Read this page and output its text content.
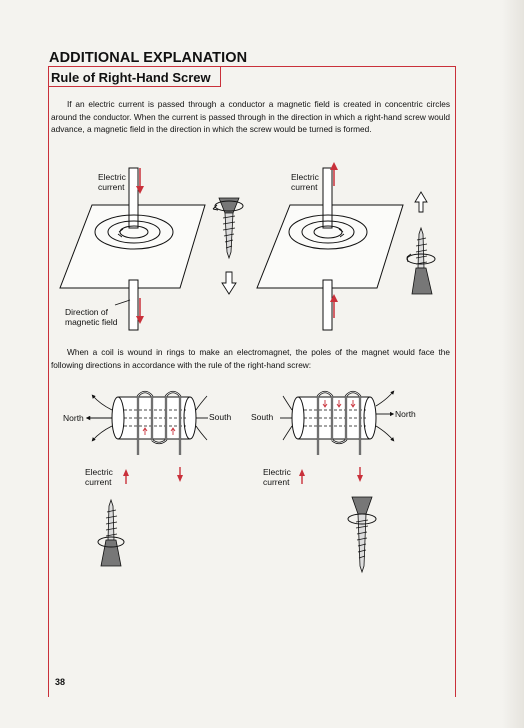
ADDITIONAL EXPLANATION
Rule of Right-Hand Screw
If an electric current is passed through a conductor a magnetic field is created in concentric circles around the conductor. When the current is passed through in the direction in which a right-hand screw would advance, a magnetic field in the direction in which the screw would be turned is formed.
Electric
current
Electric
current
Direction of
magnetic field
When a coil is wound in rings to make an electromagnet, the poles of the magnet would face the following directions in accordance with the rule of the right-hand screw:
North	South South	North
Electric
current
Electric
current
38
